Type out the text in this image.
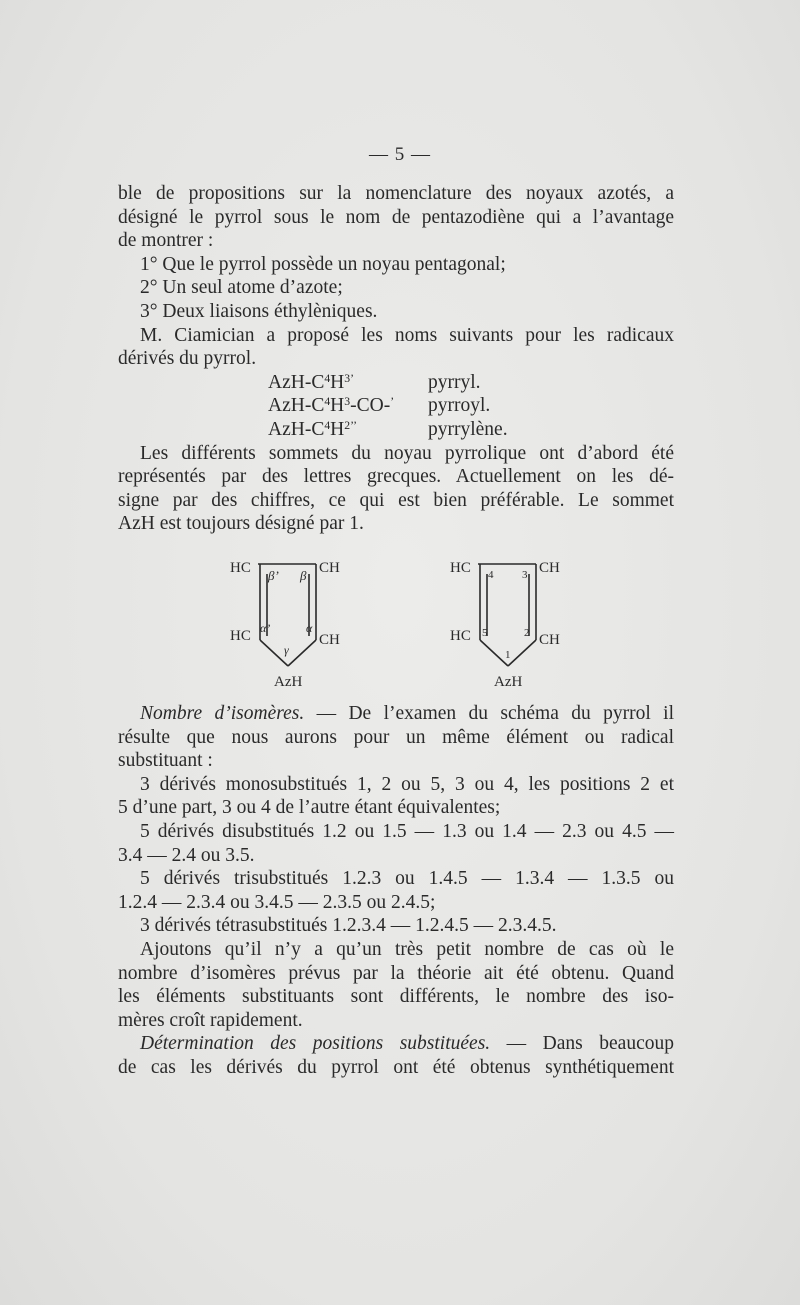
— 5 —

ble de propositions sur la nomenclature des noyaux azotés, a
désigné le pyrrol sous le nom de pentazodiène qui a l’avantage
de montrer :

1° Que le pyrrol possède un noyau pentagonal;
2° Un seul atome d’azote;
3° Deux liaisons éthylèniques.

M. Ciamician a proposé les noms suivants pour les radicaux
dérivés du pyrrol.

AzH-$C^4H^{3’}$	pyrryl.
AzH-$C^4H^3-CO-^’$	pyrroyl.
AzH-$C^4H^{2’’}$	pyrrylène.

Les différents sommets du noyau pyrrolique ont d’abord été
représentés par des lettres grecques. Actuellement on les dé-
signe par des chiffres, ce qui est bien préférable. Le sommet
AzH est toujours désigné par 1.

HC	CH
HC	CH
AzH
β’ β
α’	α
γ
HC	CH
HC	CH
AzH
4	3
5	2
1

Nombre d’isomères. — De l’examen du schéma du pyrrol il
résulte que nous aurons pour un même élément ou radical
substituant :

3 dérivés monosubstitués 1, 2 ou 5, 3 ou 4, les positions 2 et
5 d’une part, 3 ou 4 de l’autre étant équivalentes;
5 dérivés disubstitués 1.2 ou 1.5 — 1.3 ou 1.4 — 2.3 ou 4.5 —
3.4 — 2.4 ou 3.5.
5 dérivés trisubstitués 1.2.3 ou 1.4.5 — 1.3.4 — 1.3.5 ou
1.2.4 — 2.3.4 ou 3.4.5 — 2.3.5 ou 2.4.5;
3 dérivés tétrasubstitués 1.2.3.4 — 1.2.4.5 — 2.3.4.5.

Ajoutons qu’il n’y a qu’un très petit nombre de cas où le
nombre d’isomères prévus par la théorie ait été obtenu. Quand
les éléments substituants sont différents, le nombre des iso-
mères croît rapidement.

Détermination des positions substituées. — Dans beaucoup
de cas les dérivés du pyrrol ont été obtenus synthétiquement
